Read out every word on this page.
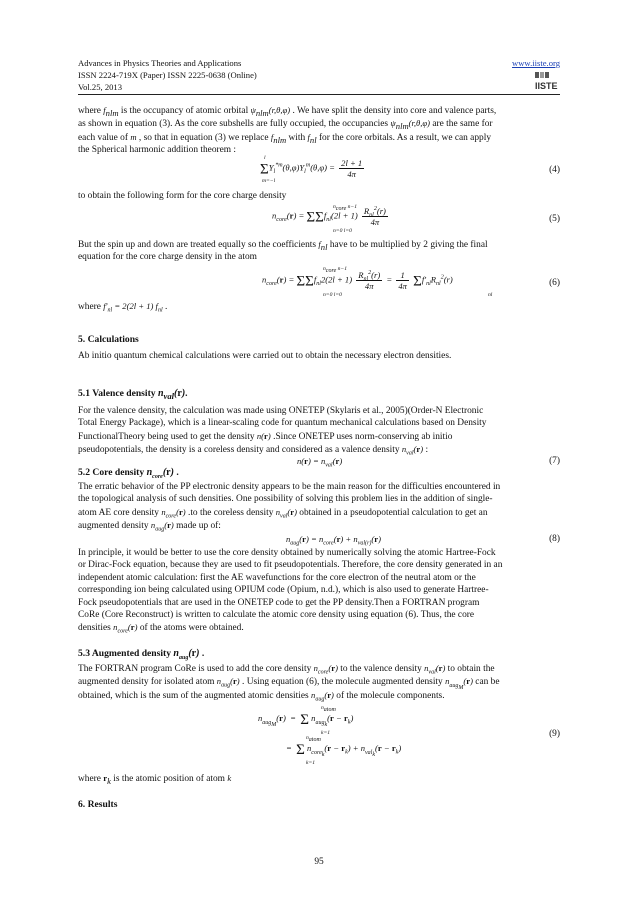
Advances in Physics Theories and Applications
ISSN 2224-719X (Paper) ISSN 2225-0638 (Online)
Vol.25, 2013
www.iiste.org
IISTE
where $f_{nlm}$ is the occupancy of atomic orbital $\psi_{nlm}(r,\theta,\varphi)$ . We have split the density into core and valence parts,
as shown in equation (3). As the core subshells are fully occupied, the occupancies $\psi_{nlm}(r,\theta,\varphi)$ are the same for
each value of m , so that in equation (3) we replace $f_{nlm}$ with $f_{nl}$ for the core orbitals. As a result, we can apply
the Spherical harmonic addition theorem :
$\Sigma Y_l^{*m}(\theta,\varphi)Y_l^m(\theta,\varphi) = \frac{2l + 1}{4\pi}$
l
m=−l
(4)
to obtain the following form for the core charge density
$n_{core}(r) = \Sigma\Sigma f_{nl}(2l + 1) \frac{R_{nl}^2(r)}{4\pi}$
$n_{core}$ n−1
n=0 l=0
(5)
But the spin up and down are treated equally so the coefficients $f_{nl}$ have to be multiplied by 2 giving the final
equation for the core charge density in the atom
$n_{core}(r) = \Sigma\Sigma f_{nl}2(2l + 1) \frac{R_{nl}^2(r)}{4\pi} = \frac{1}{4\pi} \Sigma f'_{nl}R_{nl}^2(r)$
$n_{core}$ n−1
n=0 l=0	nl
(6)
where $f'_{nl} = 2(2l + 1)$ $f_{nl}$ .
5. Calculations
Ab initio quantum chemical calculations were carried out to obtain the necessary electron densities.
5.1 Valence density $n_{val}(r)$.
For the valence density, the calculation was made using ONETEP (Skylaris et al., 2005)(Order-N Electronic
Total Energy Package), which is a linear-scaling code for quantum mechanical calculations based on Density
FunctionalTheory being used to get the density n(r) .Since ONETEP uses norm-conserving ab initio
pseudopotentials, the density is a coreless density and considered as a valence density $n_{val}(r)$ :
$n(r) = n_{val}(r)$	(7)
5.2 Core density $n_{core}(r)$ .
The erratic behavior of the PP electronic density appears to be the main reason for the difficulties encountered in
the topological analysis of such densities. One possibility of solving this problem lies in the addition of single-
atom AE core density $n_{core}(r)$ .to the coreless density $n_{val}(r)$ obtained in a pseudopotential calculation to get an
augmented density $n_{aug}(r)$ made up of:
$n_{aug}(r) = n_{core}(r) + n_{val(r)}(r)$	(8)
In principle, it would be better to use the core density obtained by numerically solving the atomic Hartree-Fock
or Dirac-Fock equation, because they are used to fit pseudopotentials. Therefore, the core density generated in an
independent atomic calculation: first the AE wavefunctions for the core electron of the neutral atom or the
corresponding ion being calculated using OPIUM code (Opium, n.d.), which is also used to generate Hartree-
Fock pseudopotentials that are used in the ONETEP code to get the PP density.Then a FORTRAN program
CoRe (Core Reconstruct) is written to calculate the atomic core density using equation (6). Thus, the core
densities $n_{core}(r)$ of the atoms were obtained.
5.3 Augmented density $n_{aug}(r)$ .
The FORTRAN program CoRe is used to add the core density $n_{core}(r)$ to the valence density $n_{val}(r)$ to obtain the
augmented density for isolated atom $n_{aug}(r)$ . Using equation (6), the molecule augmented density $n_{aug_M}(r)$ can be
obtained, which is the sum of the augmented atomic densities $n_{aug}(r)$ of the molecule components.
$n_{aug_M}(r) = \Sigma$ $n_{aug_k}(r - r_k)$
$n_{atom}$
k=1
=  Σ $n_{core_k}(r - r_k) + n_{val_k}(r - r_k)$
$n_{atom}$
k=1
(9)
where $r_k$ is the atomic position of atom k
6. Results
95
